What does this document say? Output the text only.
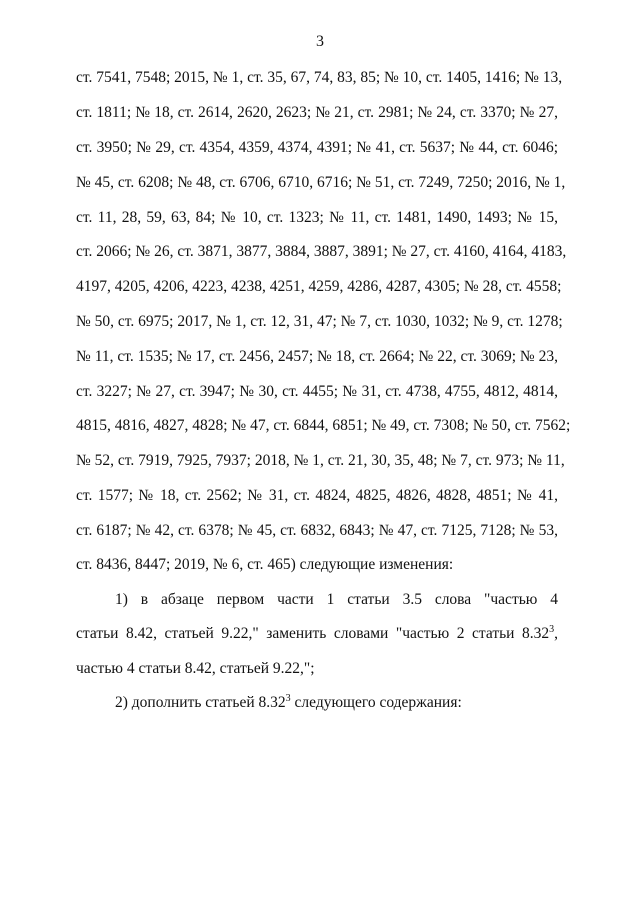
3
ст. 7541, 7548; 2015, № 1, ст. 35, 67, 74, 83, 85; № 10, ст. 1405, 1416; № 13,
ст. 1811; № 18, ст. 2614, 2620, 2623; № 21, ст. 2981; № 24, ст. 3370; № 27,
ст. 3950; № 29, ст. 4354, 4359, 4374, 4391; № 41, ст. 5637; № 44, ст. 6046;
№ 45, ст. 6208; № 48, ст. 6706, 6710, 6716; № 51, ст. 7249, 7250; 2016, № 1,
ст. 11, 28, 59, 63, 84; № 10, ст. 1323; № 11, ст. 1481, 1490, 1493; № 15,
ст. 2066; № 26, ст. 3871, 3877, 3884, 3887, 3891; № 27, ст. 4160, 4164, 4183,
4197, 4205, 4206, 4223, 4238, 4251, 4259, 4286, 4287, 4305; № 28, ст. 4558;
№ 50, ст. 6975; 2017, № 1, ст. 12, 31, 47; № 7, ст. 1030, 1032; № 9, ст. 1278;
№ 11, ст. 1535; № 17, ст. 2456, 2457; № 18, ст. 2664; № 22, ст. 3069; № 23,
ст. 3227; № 27, ст. 3947; № 30, ст. 4455; № 31, ст. 4738, 4755, 4812, 4814,
4815, 4816, 4827, 4828; № 47, ст. 6844, 6851; № 49, ст. 7308; № 50, ст. 7562;
№ 52, ст. 7919, 7925, 7937; 2018, № 1, ст. 21, 30, 35, 48; № 7, ст. 973; № 11,
ст. 1577; № 18, ст. 2562; № 31, ст. 4824, 4825, 4826, 4828, 4851; № 41,
ст. 6187; № 42, ст. 6378; № 45, ст. 6832, 6843; № 47, ст. 7125, 7128; № 53,
ст. 8436, 8447; 2019, № 6, ст. 465) следующие изменения:
1) в абзаце первом части 1 статьи 3.5 слова "частью 4
статьи 8.42, статьей 9.22," заменить словами "частью 2 статьи 8.32$^3$,
частью 4 статьи 8.42, статьей 9.22,";
2) дополнить статьей 8.32$^3$ следующего содержания:
